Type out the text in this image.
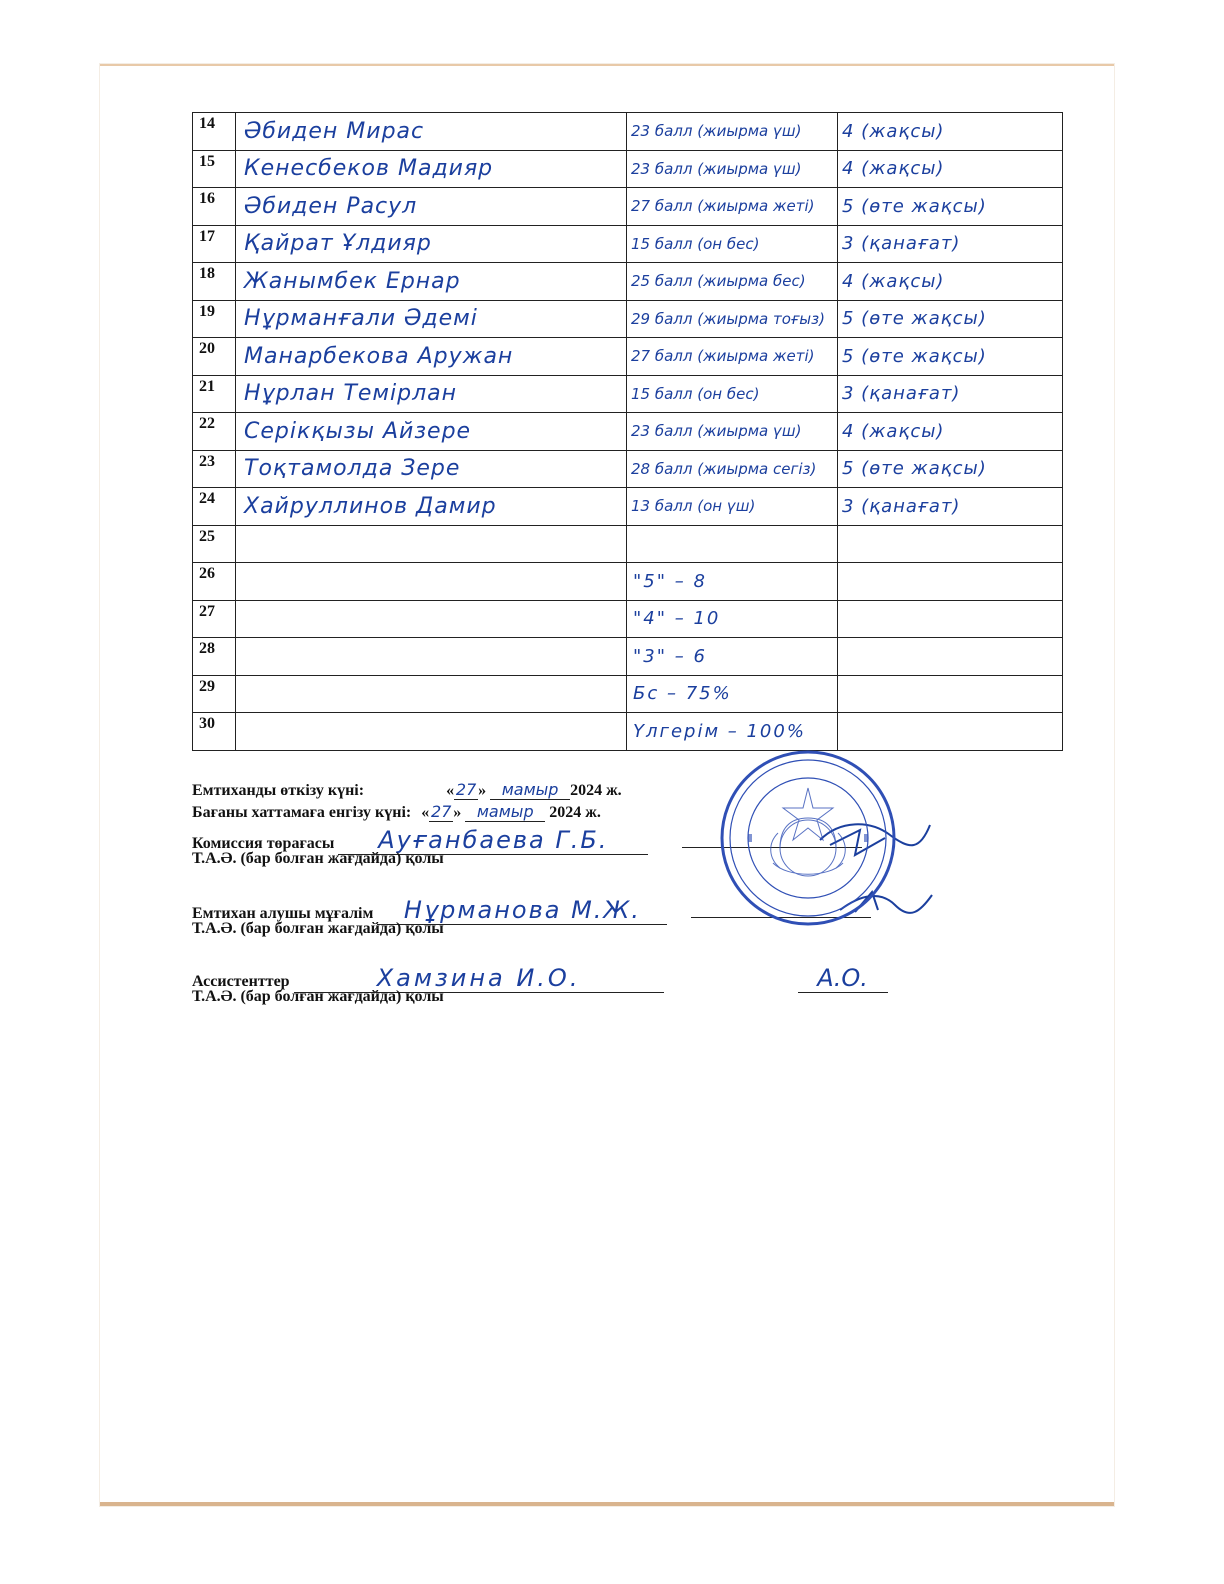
14	Әбиден Мирас	23 балл (жиырма үш)	4 (жақсы)

15	Кенесбеков Мадияр	23 балл (жиырма үш)	4 (жақсы)

16	Әбиден Расул	27 балл (жиырма жеті)	5 (өте жақсы)

17	Қайрат Ұлдияр	15 балл (он бес)	3 (қанағат)

18	Жанымбек Ернар	25 балл (жиырма бес)	4 (жақсы)

19	Нұрманғали Әдемі	29 балл (жиырма тоғыз)	5 (өте жақсы)

20	Манарбекова Аружан	27 балл (жиырма жеті)	5 (өте жақсы)

21	Нұрлан Темірлан	15 балл (он бес)	3 (қанағат)

22	Серікқызы Айзере	23 балл (жиырма үш)	4 (жақсы)

23	Тоқтамолда Зере	28 балл (жиырма сегіз)	5 (өте жақсы)

24	Хайруллинов Дамир	13 балл (он үш)	3 (қанағат)

25	

26		"5" – 8	

27		"4" – 10	

28		"3" – 6	

29		Бс – 75%	

30		Үлгерім – 100%	

Емтиханды өткізу күні:	« 27 » мамыр 2024 ж.
Бағаны хаттамаға енгізу күні: « 27 » мамыр 2024 ж.
Комиссия төрағасы Ауғанбаева Г.Б.
Т.А.Ә. (бар болған жағдайда) қолы
Емтихан алушы мұғалім Нұрманова М.Ж.
Т.А.Ә. (бар болған жағдайда) қолы
Ассистенттер	Хамзина И.О.	А.О.
Т.А.Ә. (бар болған жағдайда) қолы
